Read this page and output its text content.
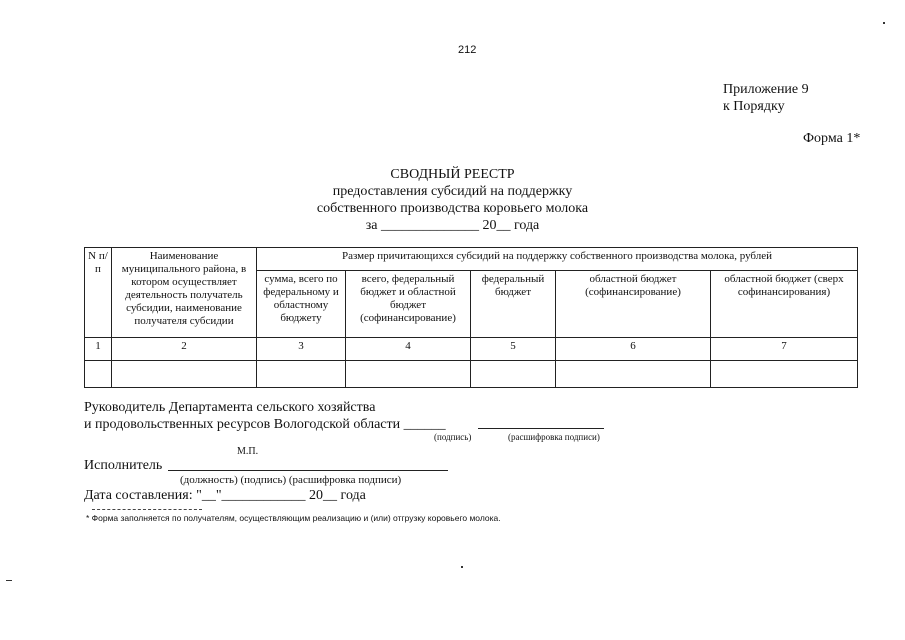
212
Приложение 9
к Порядку
Форма 1*
СВОДНЫЙ РЕЕСТР
предоставления субсидий на поддержку
собственного производства коровьего молока
за ______________ 20__ года
N п/п	Наименование муниципального района, в котором осуществляет деятельность получатель субсидии, наименование получателя субсидии	Размер причитающихся субсидий на поддержку собственного производства молока, рублей				
		сумма, всего по федеральному и областному бюджету	всего, федеральный бюджет и областной бюджет (софинансирование)	федеральный бюджет	областной бюджет (софинансирование)	областной бюджет (сверх софинансирования)
1	2	3	4	5	6	7

Руководитель Департамента сельского хозяйства
и продовольственных ресурсов Вологодской области ______
(подпись)	(расшифровка подписи)
М.П.
Исполнитель
(должность) (подпись) (расшифровка подписи)
Дата составления: "__"____________ 20__ года
* Форма заполняется по получателям, осуществляющим реализацию и (или) отгрузку коровьего молока.
